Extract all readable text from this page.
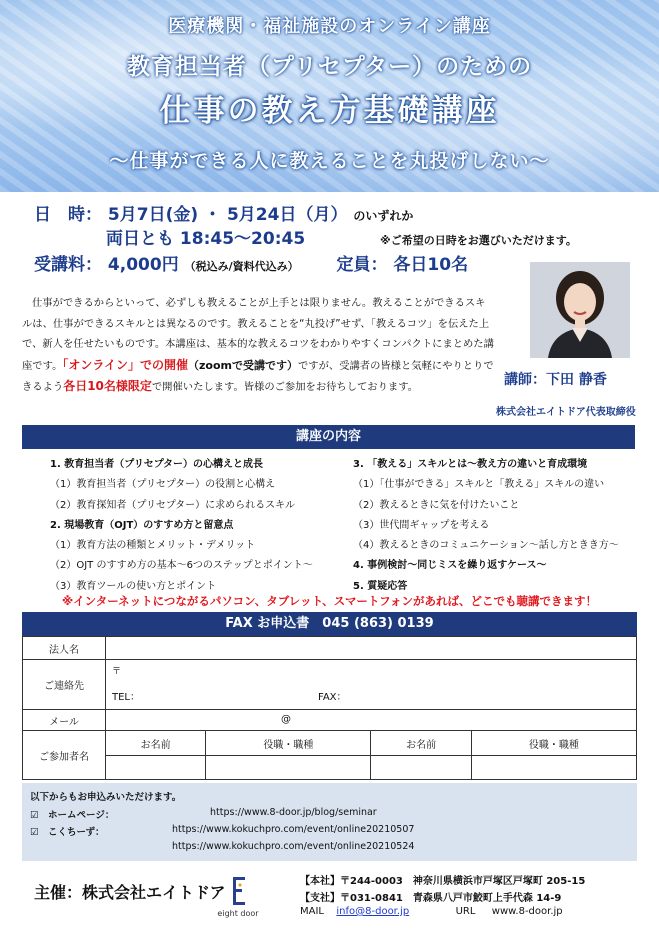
医療機関・福祉施設のオンライン講座
教育担当者（プリセプター）のための
仕事の教え方基礎講座
～仕事ができる人に教えることを丸投げしない～
日　時： 5月7日(金) ・ 5月24日（月） のいずれか
両日とも 18:45～20:45	※ご希望の日時をお選びいただけます。
受講料： 4,000円 （税込み/資料代込み） 定員： 各日10名
仕事ができるからといって、必ずしも教えることが上手とは限りません。教えることができるスキルは、仕事ができるスキルとは異なるのです。教えることを“丸投げ”せず、「教えるコツ」を伝えた上で、新人を任せたいものです。本講座は、基本的な教えるコツをわかりやすくコンパクトにまとめた講座です。「オンライン」での開催（zoomで受講です）ですが、受講者の皆様と気軽にやりとりできるよう各日10名様限定で開催いたします。皆様のご参加をお待ちしております。	講師：下田 静香
株式会社エイトドア代表取締役
講座の内容
1. 教育担当者（プリセプター）の心構えと成長
（1）教育担当者（プリセプター）の役割と心構え
（2）教育探知者（プリセプター）に求められるスキル
2. 現場教育（OJT）のすすめ方と留意点
（1）教育方法の種類とメリット・デメリット
（2）OJT のすすめ方の基本～6つのステップとポイント～
（3）教育ツールの使い方とポイント
3. 「教える」スキルとは～教え方の違いと育成環境
（1）「仕事ができる」スキルと「教える」スキルの違い
（2）教えるときに気を付けたいこと
（3）世代間ギャップを考える
（4）教えるときのコミュニケーション～話し方ときき方～
4. 事例検討～同じミスを繰り返すケース～
5. 質疑応答
※インターネットにつながるパソコン、タブレット、スマートフォンがあれば、どこでも聴講できます！
FAX お申込書　045 (863) 0139
法人名				
ご連絡先	〒
TEL： FAX：			

メール	@			

ご参加者名	お名前	役職・職種	お名前	役職・職種

以下からもお申込みいただけます。
☑　ホームページ：	https://www.8-door.jp/blog/seminar
☑　こくちーず：	https://www.kokuchpro.com/event/online20210507
https://www.kokuchpro.com/event/online20210524
主催：株式会社エイトドア
eight door
【本社】〒244-0003　神奈川県横浜市戸塚区戸塚町 205-15
【支社】〒031-0841　青森県八戸市鮫町上手代森 14-9
MAIL info@8-door.jp	URL www.8-door.jp
